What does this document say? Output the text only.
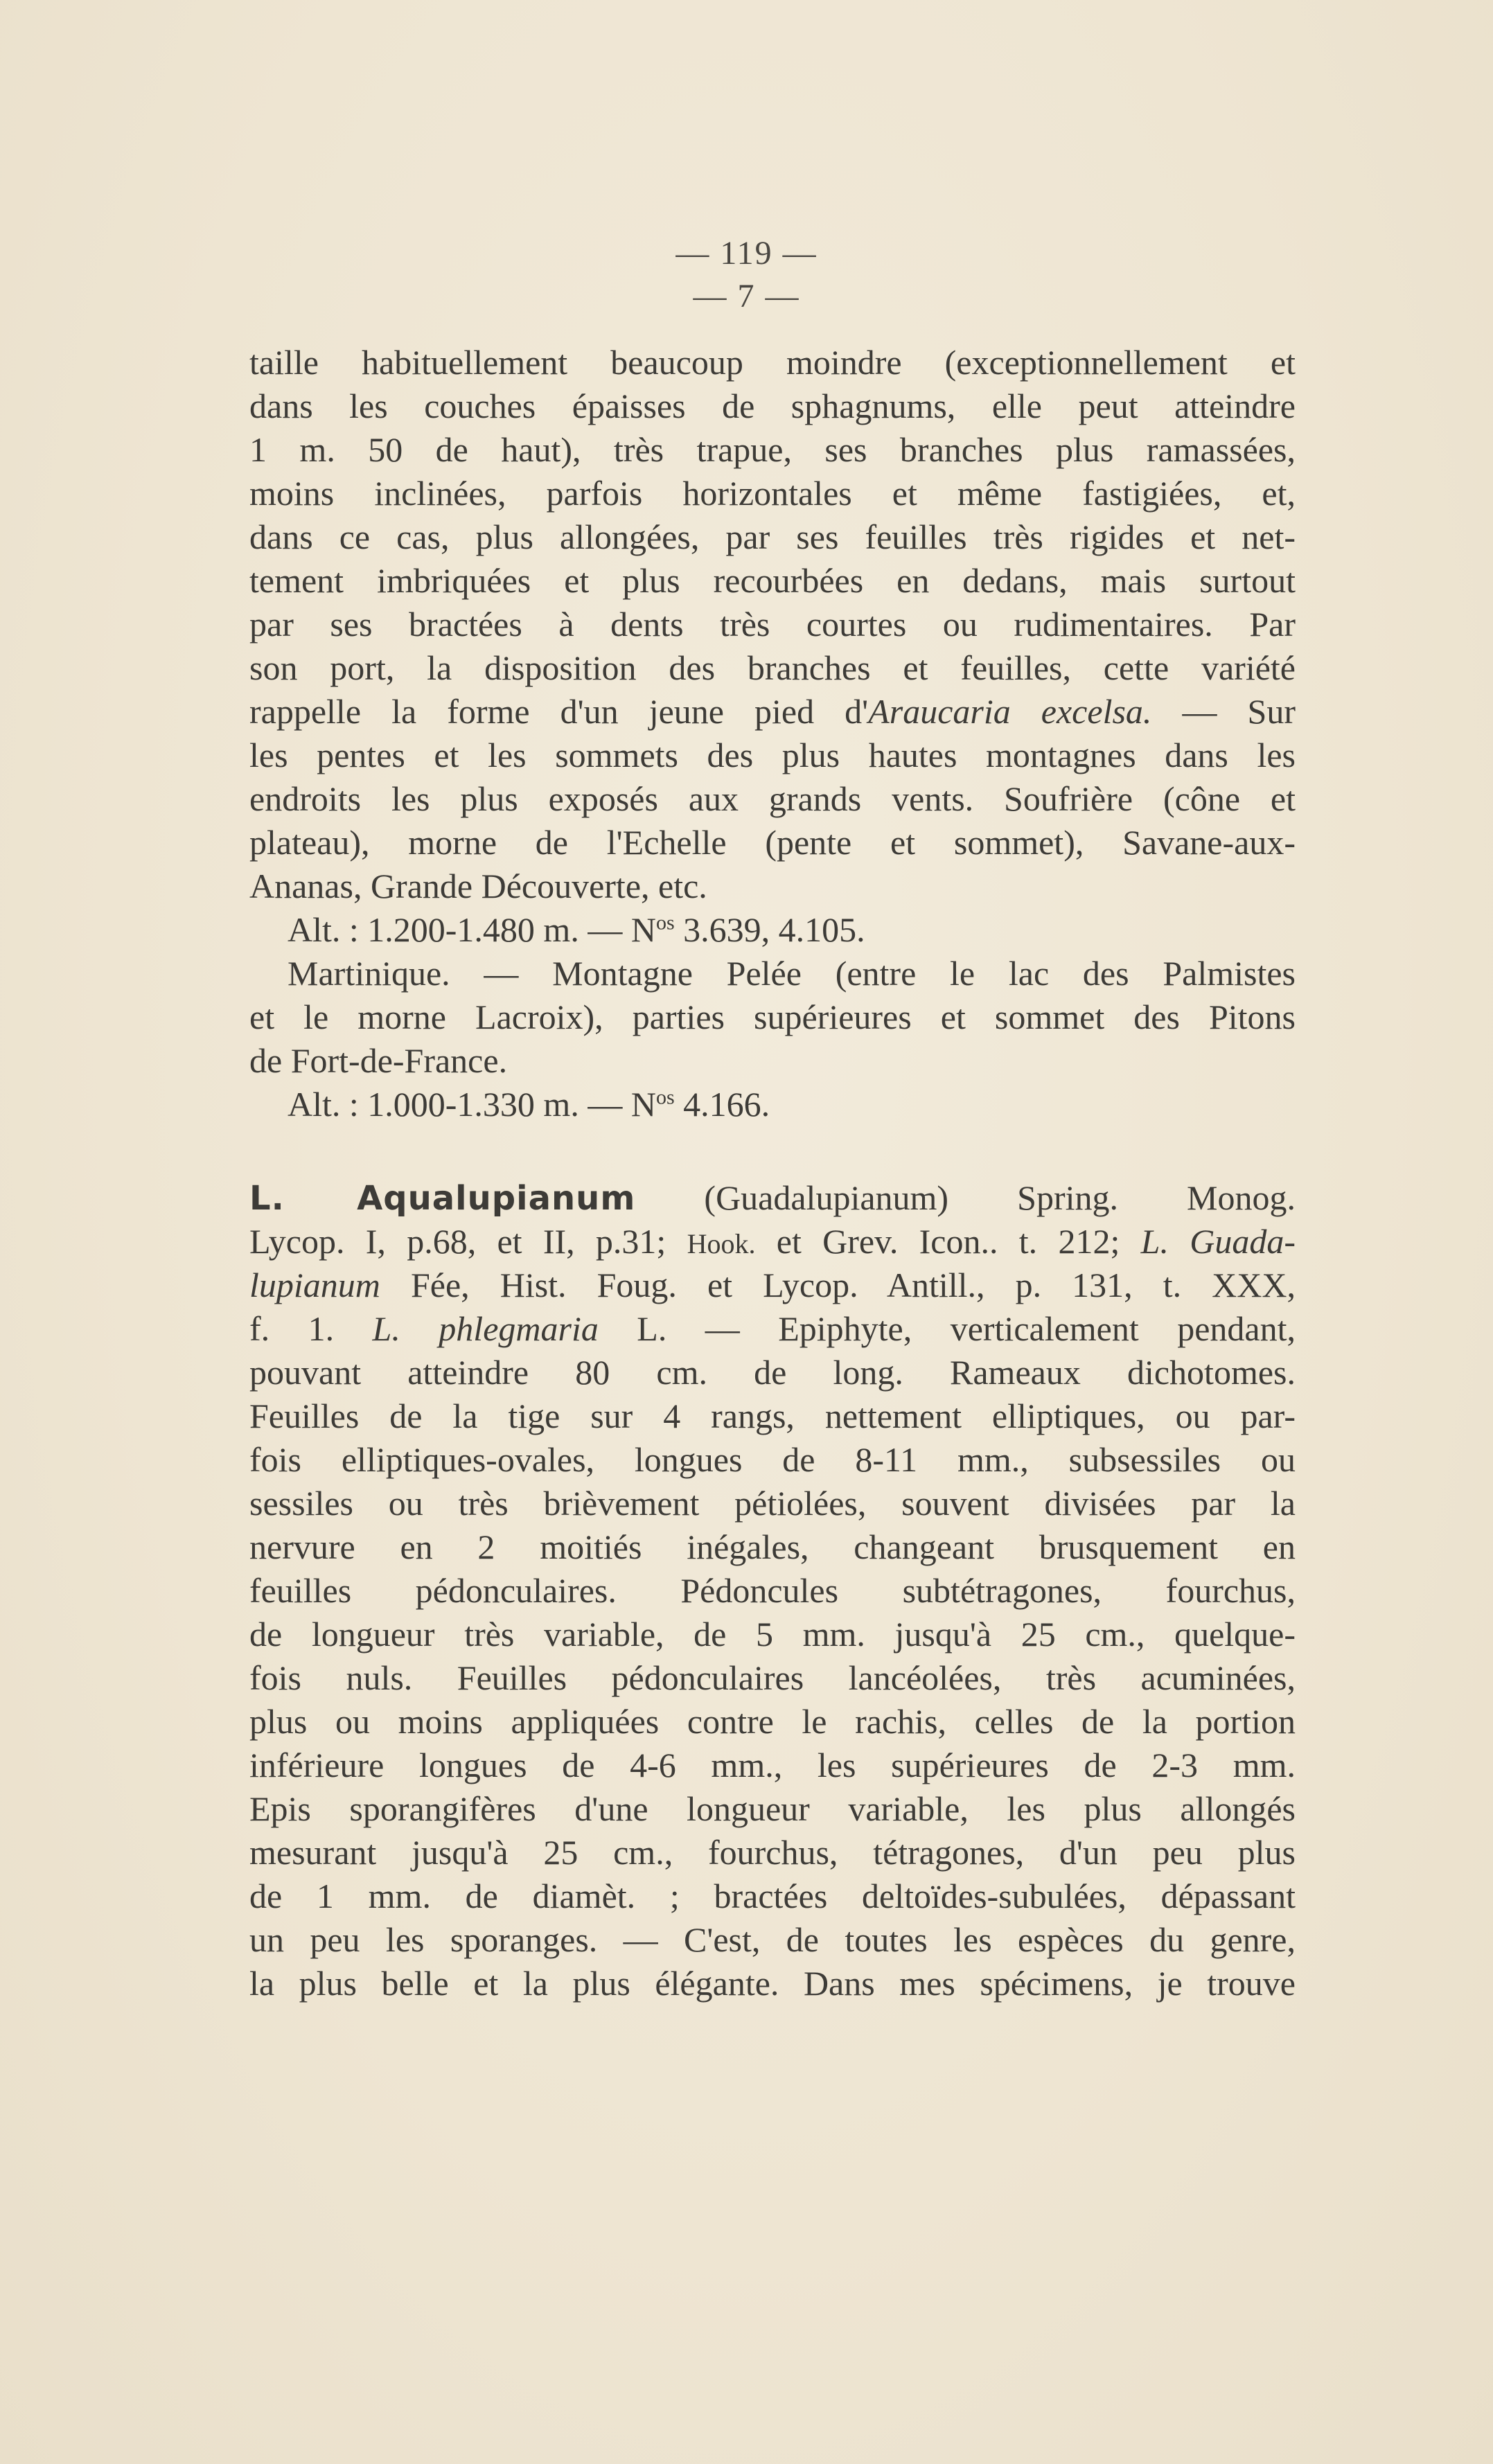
— 119 —
— 7 —
taille habituellement beaucoup moindre (exceptionnellement et
dans les couches épaisses de sphagnums, elle peut atteindre
1 m. 50 de haut), très trapue, ses branches plus ramassées,
moins inclinées, parfois horizontales et même fastigiées, et,
dans ce cas, plus allongées, par ses feuilles très rigides et net-
tement imbriquées et plus recourbées en dedans, mais surtout
par ses bractées à dents très courtes ou rudimentaires. Par
son port, la disposition des branches et feuilles, cette variété
rappelle la forme d'un jeune pied d'Araucaria excelsa. — Sur
les pentes et les sommets des plus hautes montagnes dans les
endroits les plus exposés aux grands vents. Soufrière (cône et
plateau), morne de l'Echelle (pente et sommet), Savane-aux-
Ananas, Grande Découverte, etc.
Alt. : 1.200-1.480 m. — $N^{os}$ 3.639, 4.105.
Martinique. — Montagne Pelée (entre le lac des Palmistes
et le morne Lacroix), parties supérieures et sommet des Pitons
de Fort-de-France.
Alt. : 1.000-1.330 m. — $N^{os}$ 4.166.
L. Aqualupianum (Guadalupianum) Spring. Monog.
Lycop. I, p.68, et II, p.31; Hook. et Grev. Icon.. t. 212; L. Guada-
lupianum Fée, Hist. Foug. et Lycop. Antill., p. 131, t. XXX,
f. 1. L. phlegmaria L. — Epiphyte, verticalement pendant,
pouvant atteindre 80 cm. de long. Rameaux dichotomes.
Feuilles de la tige sur 4 rangs, nettement elliptiques, ou par-
fois elliptiques-ovales, longues de 8-11 mm., subsessiles ou
sessiles ou très brièvement pétiolées, souvent divisées par la
nervure en 2 moitiés inégales, changeant brusquement en
feuilles pédonculaires. Pédoncules subtétragones, fourchus,
de longueur très variable, de 5 mm. jusqu'à 25 cm., quelque-
fois nuls. Feuilles pédonculaires lancéolées, très acuminées,
plus ou moins appliquées contre le rachis, celles de la portion
inférieure longues de 4-6 mm., les supérieures de 2-3 mm.
Epis sporangifères d'une longueur variable, les plus allongés
mesurant jusqu'à 25 cm., fourchus, tétragones, d'un peu plus
de 1 mm. de diamèt. ; bractées deltoïdes-subulées, dépassant
un peu les sporanges. — C'est, de toutes les espèces du genre,
la plus belle et la plus élégante. Dans mes spécimens, je trouve
